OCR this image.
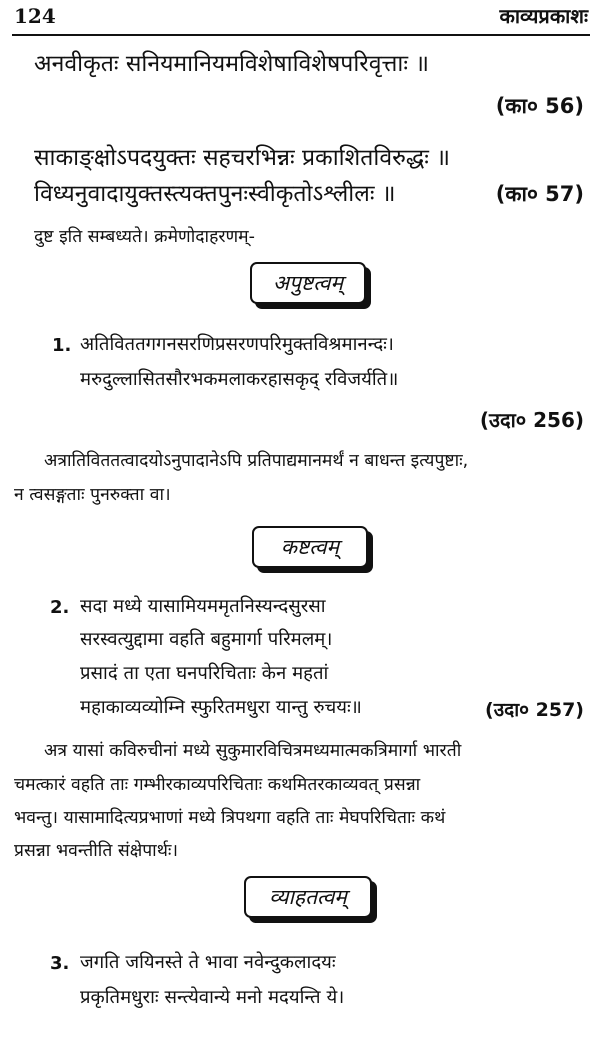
124	काव्यप्रकाशः
अनवीकृतः सनियमानियमविशेषाविशेषपरिवृत्ताः ॥
(का० 56)
साकाङ्क्षोऽपदयुक्तः सहचरभिन्नः प्रकाशितविरुद्धः ॥
विध्यनुवादायुक्तस्त्यक्तपुनःस्वीकृतोऽश्लीलः ॥	(का० 57)
दुष्ट इति सम्बध्यते। क्रमेणोदाहरणम्-
अपुष्टत्वम्
1. अतिविततगगनसरणिप्रसरणपरिमुक्तविश्रमानन्दः।
मरुदुल्लासितसौरभकमलाकरहासकृद् रविजर्यति॥
(उदा० 256)
अत्रातिविततत्वादयोऽनुपादानेऽपि प्रतिपाद्यमानमर्थं न बाधन्त इत्यपुष्टाः,
न त्वसङ्गताः पुनरुक्ता वा।
कष्टत्वम्
2. सदा मध्ये यासामियममृतनिस्यन्दसुरसा
सरस्वत्युद्दामा वहति बहुमार्गा परिमलम्।
प्रसादं ता एता घनपरिचिताः केन महतां
महाकाव्यव्योम्नि स्फुरितमधुरा यान्तु रुचयः॥	(उदा० 257)
अत्र यासां कविरुचीनां मध्ये सुकुमारविचित्रमध्यमात्मकत्रिमार्गा भारती
चमत्कारं वहति ताः गम्भीरकाव्यपरिचिताः कथमितरकाव्यवत् प्रसन्ना
भवन्तु। यासामादित्यप्रभाणां मध्ये त्रिपथगा वहति ताः मेघपरिचिताः कथं
प्रसन्ना भवन्तीति संक्षेपार्थः।
व्याहतत्वम्
3. जगति जयिनस्ते ते भावा नवेन्दुकलादयः
प्रकृतिमधुराः सन्त्येवान्ये मनो मदयन्ति ये।
